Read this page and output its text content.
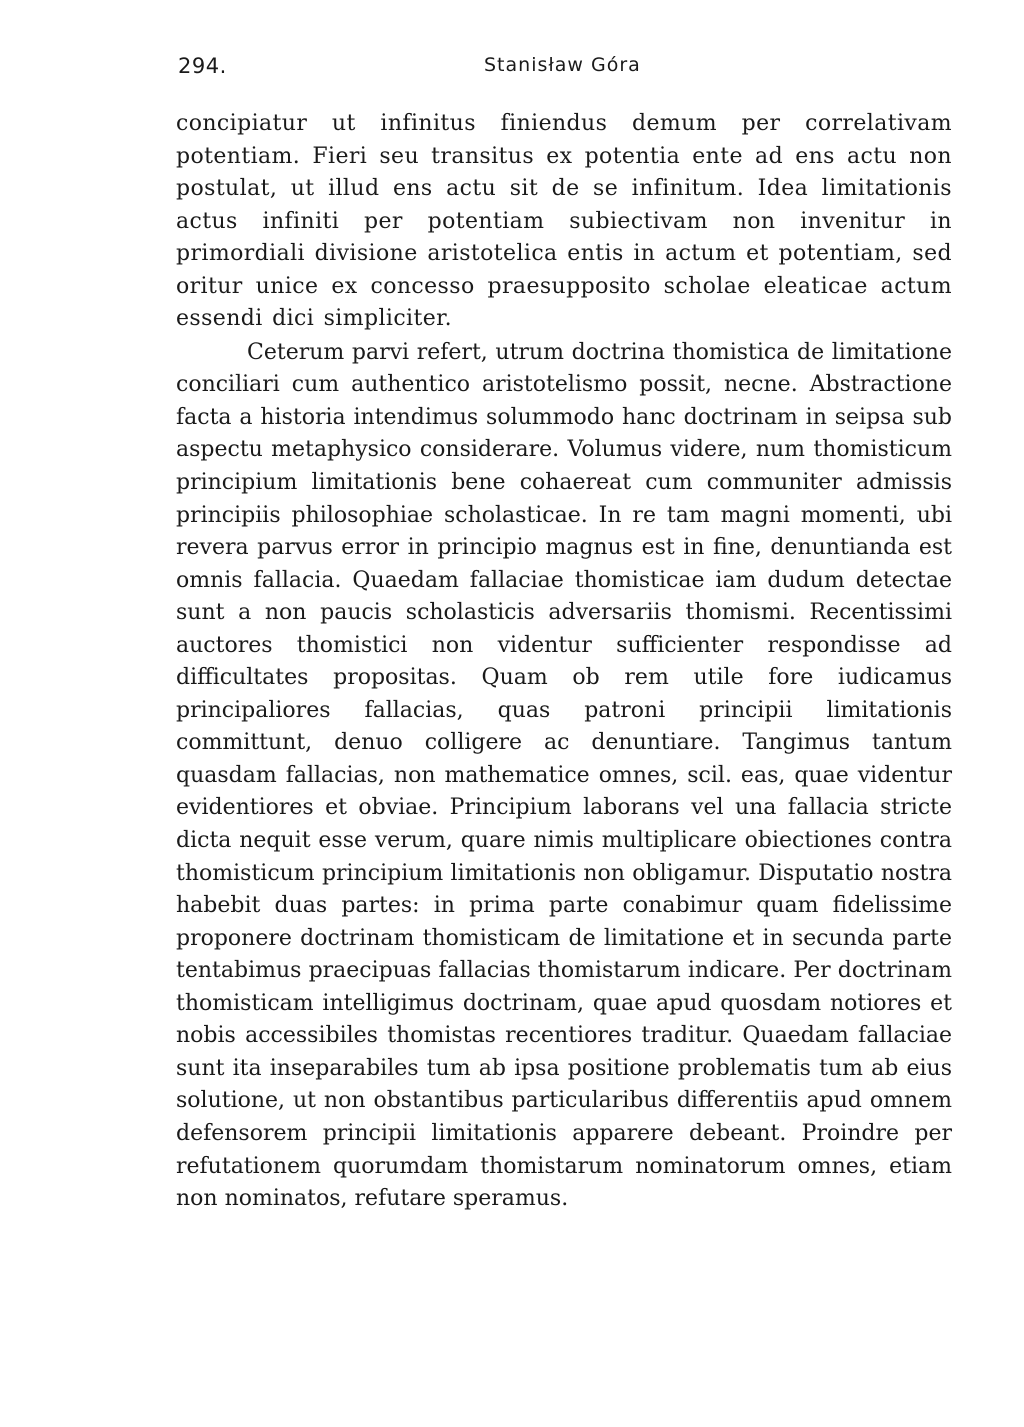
294.	Stanisław Góra

concipiatur ut infinitus finiendus demum per correlativam potentiam. Fieri seu transitus ex potentia ente ad ens actu non postulat, ut illud ens actu sit de se infinitum. Idea limitationis actus infiniti per potentiam subiectivam non invenitur in primordiali divisione aristotelica entis in actum et potentiam, sed oritur unice ex concesso praesupposito scholae eleaticae actum essendi dici simpliciter.

Ceterum parvi refert, utrum doctrina thomistica de limitatione conciliari cum authentico aristotelismo possit, necne. Abstractione facta a historia intendimus solummodo hanc doctrinam in seipsa sub aspectu metaphysico considerare. Volumus videre, num thomisticum principium limitationis bene cohaereat cum communiter admissis principiis philosophiae scholasticae. In re tam magni momenti, ubi revera parvus error in principio magnus est in fine, denuntianda est omnis fallacia. Quaedam fallaciae thomisticae iam dudum detectae sunt a non paucis scholasticis adversariis thomismi. Recentissimi auctores thomistici non videntur sufficienter respondisse ad difficultates propositas. Quam ob rem utile fore iudicamus principaliores fallacias, quas patroni principii limitationis committunt, denuo colligere ac denuntiare. Tangimus tantum quasdam fallacias, non mathematice omnes, scil. eas, quae videntur evidentiores et obviae. Principium laborans vel una fallacia stricte dicta nequit esse verum, quare nimis multiplicare obiectiones contra thomisticum principium limitationis non obligamur. Disputatio nostra habebit duas partes: in prima parte conabimur quam fidelissime proponere doctrinam thomisticam de limitatione et in secunda parte tentabimus praecipuas fallacias thomistarum indicare. Per doctrinam thomisticam intelligimus doctrinam, quae apud quosdam notiores et nobis accessibiles thomistas recentiores traditur. Quaedam fallaciae sunt ita inseparabiles tum ab ipsa positione problematis tum ab eius solutione, ut non obstantibus particularibus differentiis apud omnem defensorem principii limitationis apparere debeant. Proindre per refutationem quorumdam thomistarum nominatorum omnes, etiam non nominatos, refutare speramus.
